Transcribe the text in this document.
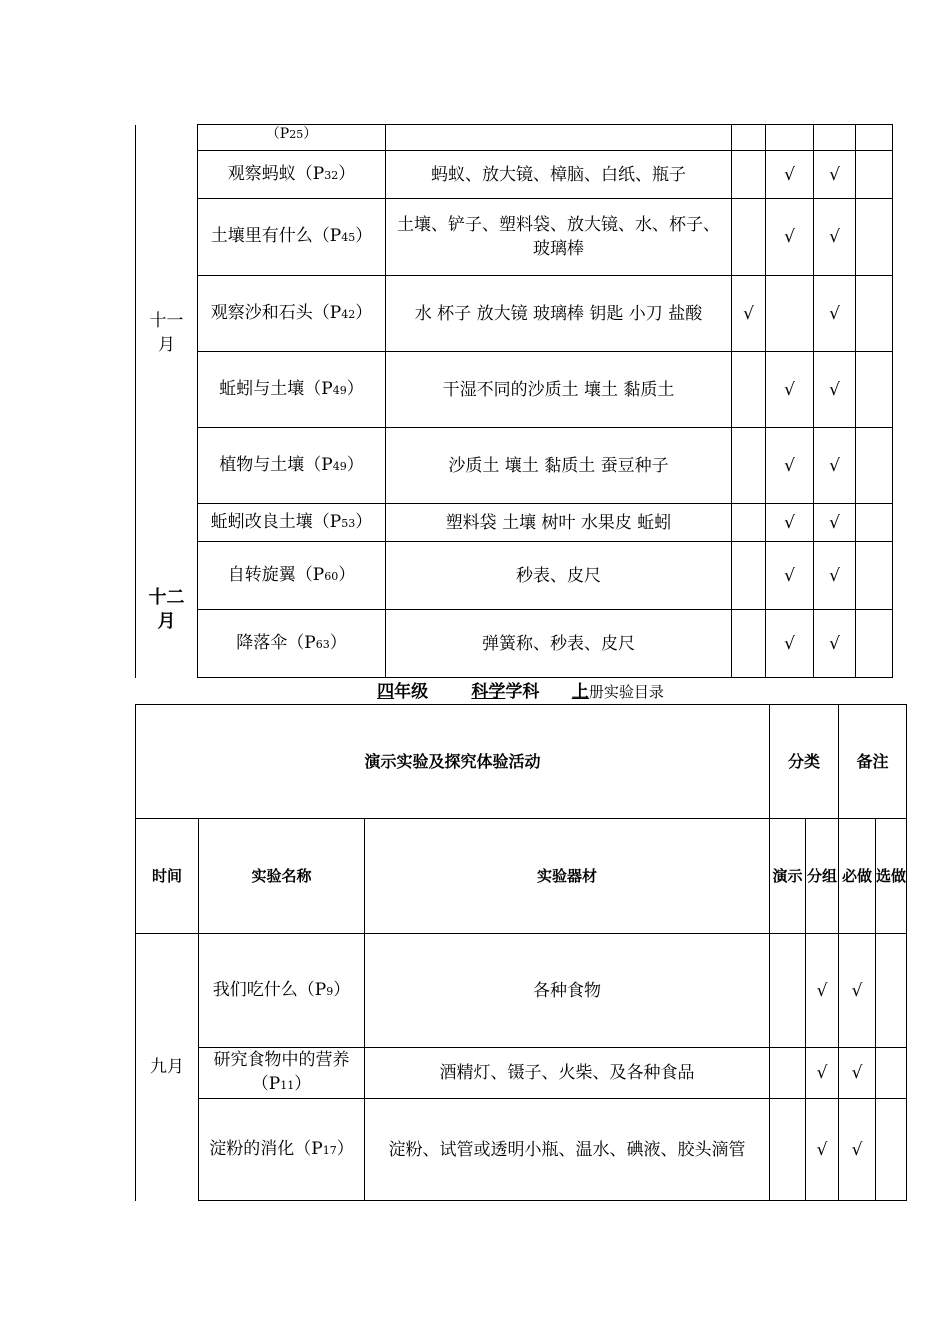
十一
月	（P25）					
	观察蚂蚁（P32）	蚂蚁、放大镜、樟脑、白纸、瓶子		√	√	
	土壤里有什么（P45）	土壤、铲子、塑料袋、放大镜、水、杯子、玻璃棒		√	√	
	观察沙和石头（P42）	水 杯子 放大镜 玻璃棒 钥匙 小刀 盐酸	√		√	
	蚯蚓与土壤（P49）	干湿不同的沙质土 壤土 黏质土		√	√	
	植物与土壤（P49）	沙质土 壤土 黏质土 蚕豆种子		√	√	
	蚯蚓改良土壤（P53）	塑料袋 土壤 树叶 水果皮 蚯蚓		√	√	
十二
月	自转旋翼（P60）	秒表、皮尺		√	√	
	降落伞（P63）	弹簧称、秒表、皮尺		√	√	
四年级	科学学科 上册实验目录
演示实验及探究体验活动			分类		备注	
时间	实验名称	实验器材	演示	分组	必做	选做
九月	我们吃什么（P9）	各种食物		√	√	
	研究食物中的营养（P11）	酒精灯、镊子、火柴、及各种食品		√	√	
	淀粉的消化（P17）	淀粉、试管或透明小瓶、温水、碘液、胶头滴管		√	√	
